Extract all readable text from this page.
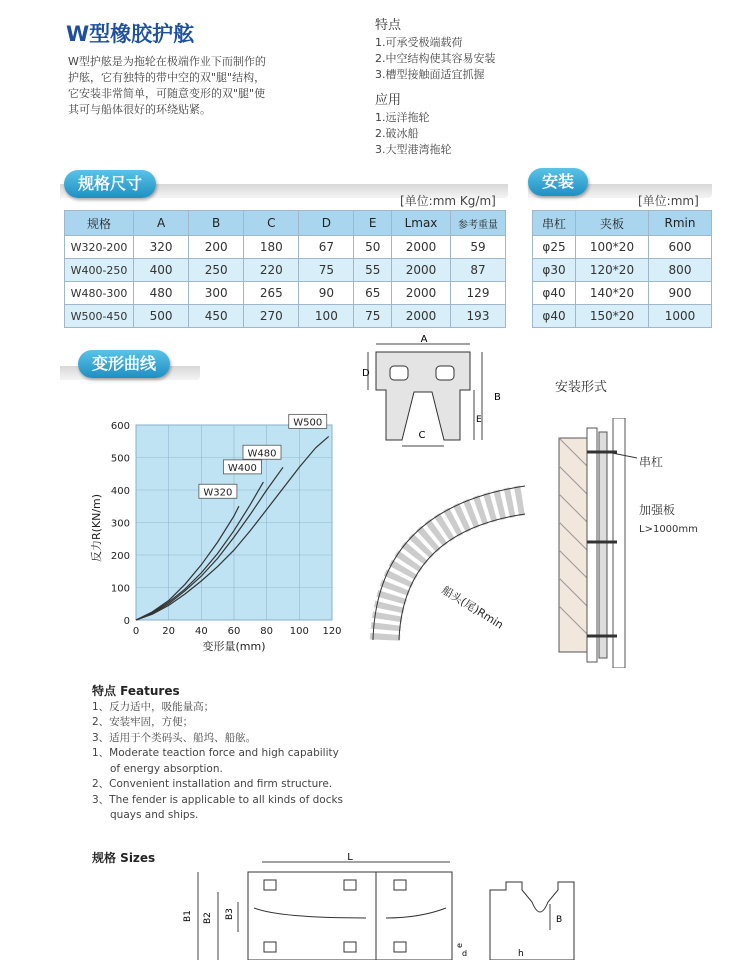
W型橡胶护舷
W型护舷是为拖轮在极端作业下而制作的护舷，它有独特的带中空的双"腿"结构，它安装非常简单，可随意变形的双"腿"使其可与船体很好的环绕贴紧。
特点
1.可承受极端载荷
2.中空结构使其容易安装
3.槽型接触面适宜抓握
应用
1.远洋拖轮
2.破冰船
3.大型港湾拖轮
规格尺寸
[单位:mm Kg/m]
规格	A	B	C	D	E	Lmax	参考重量
W320-200	320	200	180	67	50	2000	59
W400-250	400	250	220	75	55	2000	87
W480-300	480	300	265	90	65	2000	129
W500-450	500	450	270	100	75	2000	193
安装
[单位:mm]
串杠	夹板	Rmin
φ25	100*20	600
φ30	120*20	800
φ40	140*20	900
φ40	150*20	1000
变形曲线
0
100
200
300
400
500
600
0 20 40 60 80 100 120
W320
W400
W480
W500
反力R(KN/m)
变形量(mm)
A
B
C
D
E
船头(尾)Rmin
安装形式
串杠
加强板
L>1000mm
特点 Features
1、反力适中，吸能量高；
2、安装牢固，方便；
3、适用于个类码头、船坞、船舷。
1、Moderate teaction force and high capability
of energy absorption.
2、Convenient installation and firm structure.
3、The fender is applicable to all kinds of docks
quays and ships.
规格 Sizes	L
B1 B2 B3	B
h
e
d
